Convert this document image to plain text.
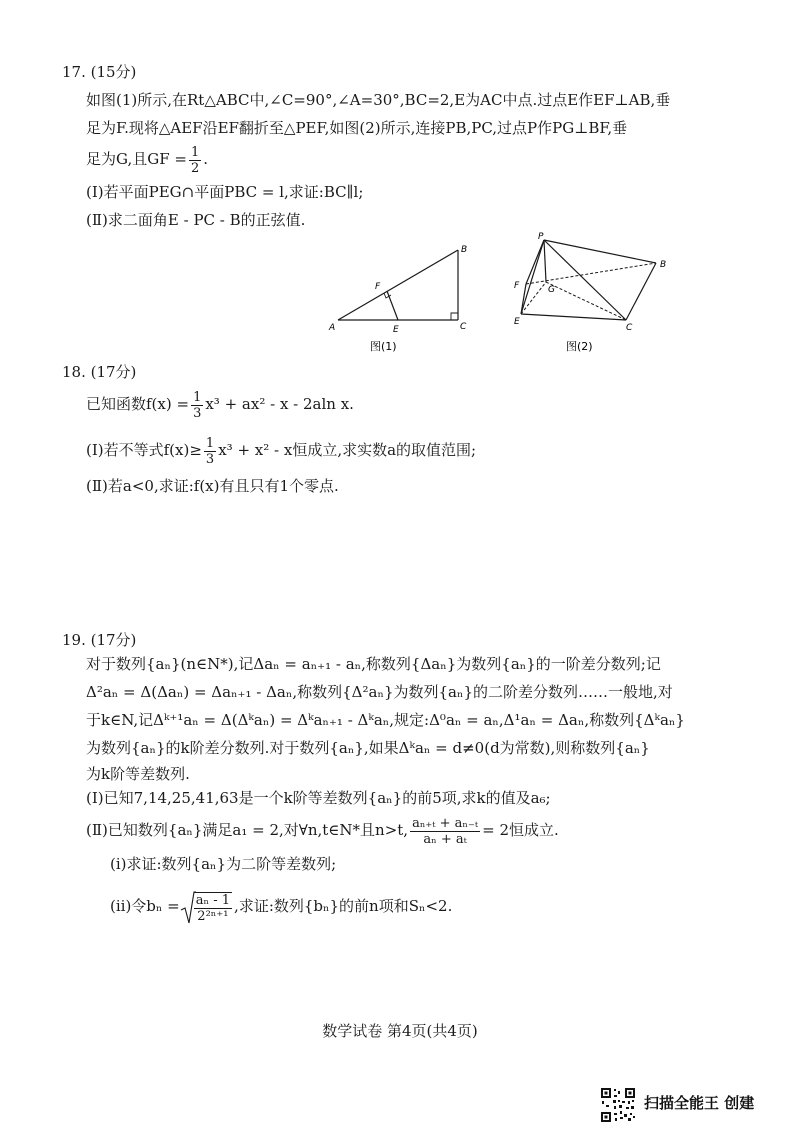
17. (15分)
如图(1)所示,在Rt△ABC中,∠C=90°,∠A=30°,BC=2,E为AC中点.过点E作EF⊥AB,垂
足为F.现将△AEF沿EF翻折至△PEF,如图(2)所示,连接PB,PC,过点P作PG⊥BF,垂
足为G,且GF = $\frac{1}{2}$ .
(Ⅰ)若平面PEG∩平面PBC = l,求证:BC∥l;
(Ⅱ)求二面角E - PC - B的正弦值.
A
B
C
E
F
图(1)
P
B
C
E
F	G
图(2)
18. (17分)
已知函数$f(x) = \frac{1}{3} x^3 + ax^2 - x - 2aln$ x.
(Ⅰ)若不等式$f(x)\ge \frac{1}{3} x^3 + x^2 - x$恒成立,求实数a的取值范围;
(Ⅱ)若a<0,求证:f(x)有且只有1个零点.
19. (17分)
对于数列{aₙ}(n∈N*),记Δaₙ = aₙ₊₁ - aₙ,称数列{Δaₙ}为数列{aₙ}的一阶差分数列;记
Δ²aₙ = Δ(Δaₙ) = Δaₙ₊₁ - Δaₙ,称数列{Δ²aₙ}为数列{aₙ}的二阶差分数列……一般地,对
于k∈N,记Δᵏ⁺¹aₙ = Δ(Δᵏaₙ) = Δᵏaₙ₊₁ - Δᵏaₙ,规定:Δ⁰aₙ = aₙ,Δ¹aₙ = Δaₙ,称数列{Δᵏaₙ}
为数列{aₙ}的k阶差分数列.对于数列{aₙ},如果Δᵏaₙ = d≠0(d为常数),则称数列{aₙ}
为k阶等差数列.
(Ⅰ)已知7,14,25,41,63是一个k阶等差数列{aₙ}的前5项,求k的值及a₆;
(Ⅱ)已知数列{aₙ}满足a₁ = 2,对∀n,t∈N*且n>t, $\frac{\text{aₙ₊ₜ + aₙ₋ₜ}}{\text{aₙ + aₜ}} = 2$恒成立.
(ⅰ)求证:数列{aₙ}为二阶等差数列;
(ⅱ)令$b_n = \frac{\text{aₙ - 1}}{\text{2²ⁿ⁺¹}}$ ,求证:数列{bₙ}的前n项和Sₙ<2.
数学试卷 第4页(共4页)
扫描全能王 创建
